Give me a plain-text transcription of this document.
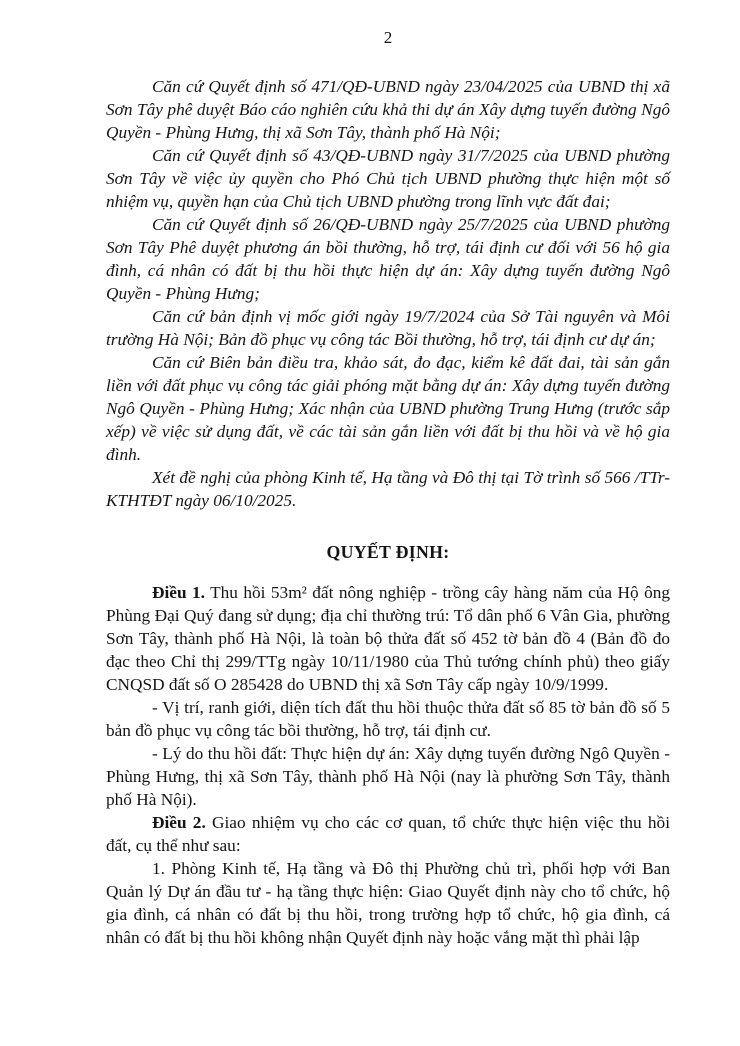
2

Căn cứ Quyết định số 471/QĐ-UBND ngày 23/04/2025 của UBND thị xã Sơn Tây phê duyệt Báo cáo nghiên cứu khả thi dự án Xây dựng tuyến đường Ngô Quyền - Phùng Hưng, thị xã Sơn Tây, thành phố Hà Nội;

Căn cứ Quyết định số 43/QĐ-UBND ngày 31/7/2025 của UBND phường Sơn Tây về việc ủy quyền cho Phó Chủ tịch UBND phường thực hiện một số nhiệm vụ, quyền hạn của Chủ tịch UBND phường trong lĩnh vực đất đai;

Căn cứ Quyết định số 26/QĐ-UBND ngày 25/7/2025 của UBND phường Sơn Tây Phê duyệt phương án bồi thường, hỗ trợ, tái định cư đối với 56 hộ gia đình, cá nhân có đất bị thu hồi thực hiện dự án: Xây dựng tuyến đường Ngô Quyền - Phùng Hưng;

Căn cứ bản định vị mốc giới ngày 19/7/2024 của Sở Tài nguyên và Môi trường Hà Nội; Bản đồ phục vụ công tác Bồi thường, hỗ trợ, tái định cư dự án;

Căn cứ Biên bản điều tra, khảo sát, đo đạc, kiểm kê đất đai, tài sản gắn liền với đất phục vụ công tác giải phóng mặt bằng dự án: Xây dựng tuyến đường Ngô Quyền - Phùng Hưng; Xác nhận của UBND phường Trung Hưng (trước sắp xếp) về việc sử dụng đất, về các tài sản gắn liền với đất bị thu hồi và về hộ gia đình.

Xét đề nghị của phòng Kinh tế, Hạ tầng và Đô thị tại Tờ trình số 566 /TTr-KTHTĐT ngày 06/10/2025.

QUYẾT ĐỊNH:

Điều 1. Thu hồi 53m² đất nông nghiệp - trồng cây hàng năm của Hộ ông Phùng Đại Quý đang sử dụng; địa chỉ thường trú: Tổ dân phố 6 Vân Gia, phường Sơn Tây, thành phố Hà Nội, là toàn bộ thửa đất số 452 tờ bản đồ 4 (Bản đồ đo đạc theo Chỉ thị 299/TTg ngày 10/11/1980 của Thủ tướng chính phủ) theo giấy CNQSD đất số O 285428 do UBND thị xã Sơn Tây cấp ngày 10/9/1999.

- Vị trí, ranh giới, diện tích đất thu hồi thuộc thửa đất số 85 tờ bản đồ số 5 bản đồ phục vụ công tác bồi thường, hỗ trợ, tái định cư.

- Lý do thu hồi đất: Thực hiện dự án: Xây dựng tuyến đường Ngô Quyền - Phùng Hưng, thị xã Sơn Tây, thành phố Hà Nội (nay là phường Sơn Tây, thành phố Hà Nội).

Điều 2. Giao nhiệm vụ cho các cơ quan, tổ chức thực hiện việc thu hồi đất, cụ thể như sau:

1. Phòng Kinh tế, Hạ tầng và Đô thị Phường chủ trì, phối hợp với Ban Quản lý Dự án đầu tư - hạ tầng thực hiện: Giao Quyết định này cho tổ chức, hộ gia đình, cá nhân có đất bị thu hồi, trong trường hợp tổ chức, hộ gia đình, cá nhân có đất bị thu hồi không nhận Quyết định này hoặc vắng mặt thì phải lập
